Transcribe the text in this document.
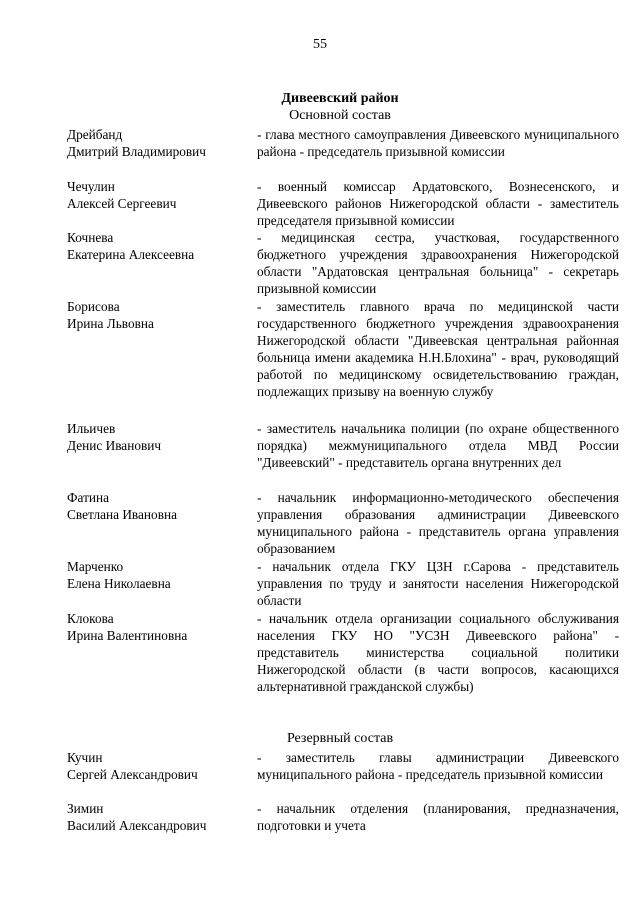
55
Дивеевский район
Основной состав
Дрейбанд
Дмитрий Владимирович
- глава местного самоуправления Дивеевского муниципального района - председатель призывной комиссии
Чечулин
Алексей Сергеевич
- военный комиссар Ардатовского, Вознесенского, и Дивеевского районов Нижегородской области - заместитель председателя призывной комиссии
Кочнева
Екатерина Алексеевна
- медицинская сестра, участковая, государственного бюджетного учреждения здравоохранения Нижегородской области "Ардатовская центральная больница" - секретарь призывной комиссии
Борисова
Ирина Львовна
- заместитель главного врача по медицинской части государственного бюджетного учреждения здравоохранения Нижегородской области "Дивеевская центральная районная больница имени академика Н.Н.Блохина" - врач, руководящий работой по медицинскому освидетельствованию граждан, подлежащих призыву на военную службу
Ильичев
Денис Иванович
- заместитель начальника полиции (по охране общественного порядка) межмуниципального отдела МВД России "Дивеевский" - представитель органа внутренних дел
Фатина
Светлана Ивановна
- начальник информационно-методического обеспечения управления образования администрации Дивеевского муниципального района - представитель органа управления образованием
Марченко
Елена Николаевна
- начальник отдела ГКУ ЦЗН г.Сарова - представитель управления по труду и занятости населения Нижегородской области
Клокова
Ирина Валентиновна
- начальник отдела организации социального обслуживания населения ГКУ НО "УСЗН Дивеевского района" - представитель министерства социальной политики Нижегородской области (в части вопросов, касающихся альтернативной гражданской службы)
Резервный состав
Кучин
Сергей Александрович
- заместитель главы администрации Дивеевского муниципального района - председатель призывной комиссии
Зимин
Василий Александрович
- начальник отделения (планирования, предназначения, подготовки и учета
